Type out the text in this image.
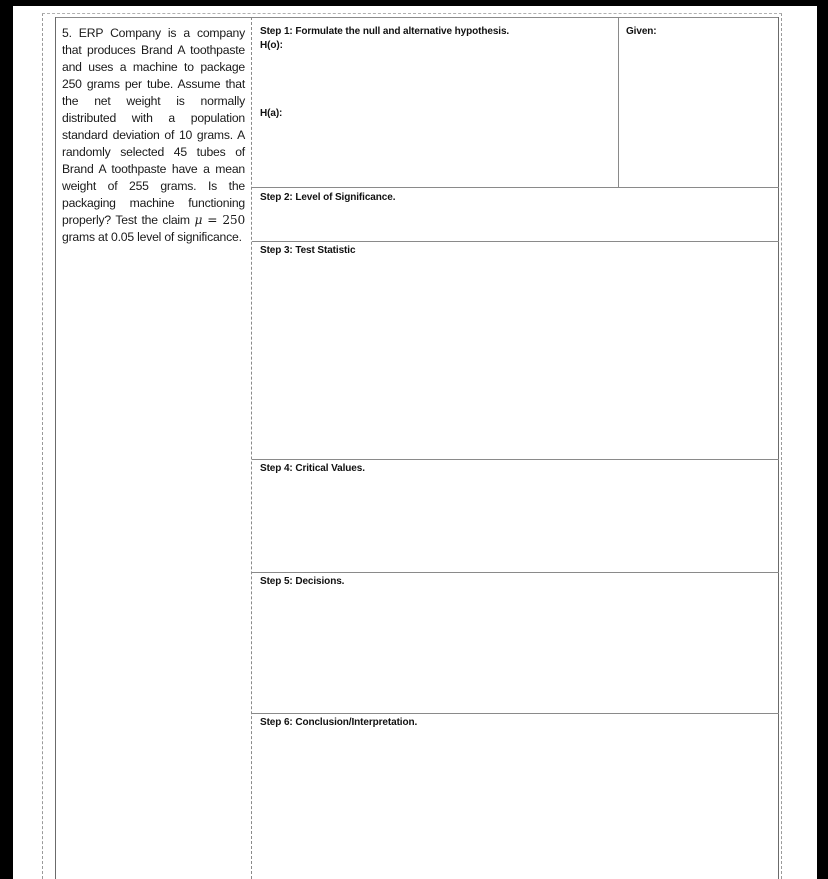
5. ERP Company is a company that produces Brand A toothpaste and uses a machine to package 250 grams per tube. Assume that the net weight is normally distributed with a population standard deviation of 10 grams. A randomly selected 45 tubes of Brand A toothpaste have a mean weight of 255 grams. Is the packaging machine functioning properly? Test the claim μ = 250 grams at 0.05 level of significance.
Step 1: Formulate the null and alternative hypothesis.
H(o):
H(a):
Given:
Step 2: Level of Significance.
Step 3: Test Statistic
Step 4: Critical Values.
Step 5: Decisions.
Step 6: Conclusion/Interpretation.
